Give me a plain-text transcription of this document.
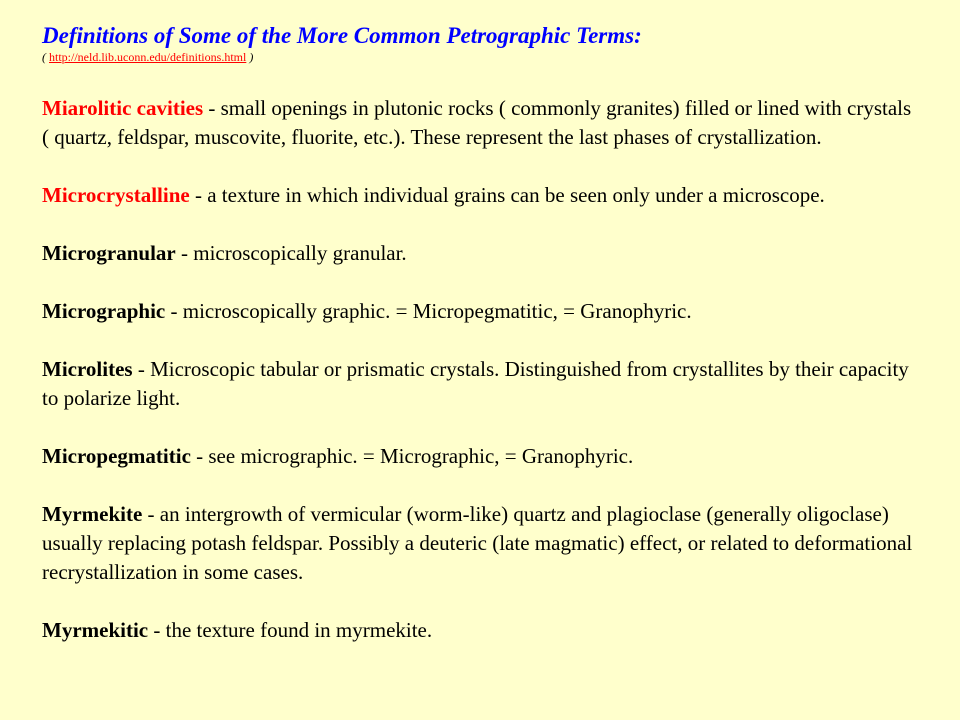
Definitions of Some of the More Common Petrographic Terms:
( http://neld.lib.uconn.edu/definitions.html )

Miarolitic cavities - small openings in plutonic rocks ( commonly granites) filled or lined with crystals ( quartz, feldspar, muscovite, fluorite, etc.). These represent the last phases of crystallization.

Microcrystalline - a texture in which individual grains can be seen only under a microscope.

Microgranular - microscopically granular.

Micrographic - microscopically graphic. = Micropegmatitic, = Granophyric.

Microlites - Microscopic tabular or prismatic crystals. Distinguished from crystallites by their capacity to polarize light.

Micropegmatitic - see micrographic. = Micrographic, = Granophyric.

Myrmekite - an intergrowth of vermicular (worm-like) quartz and plagioclase (generally oligoclase) usually replacing potash feldspar. Possibly a deuteric (late magmatic) effect, or related to deformational recrystallization in some cases.

Myrmekitic - the texture found in myrmekite.
